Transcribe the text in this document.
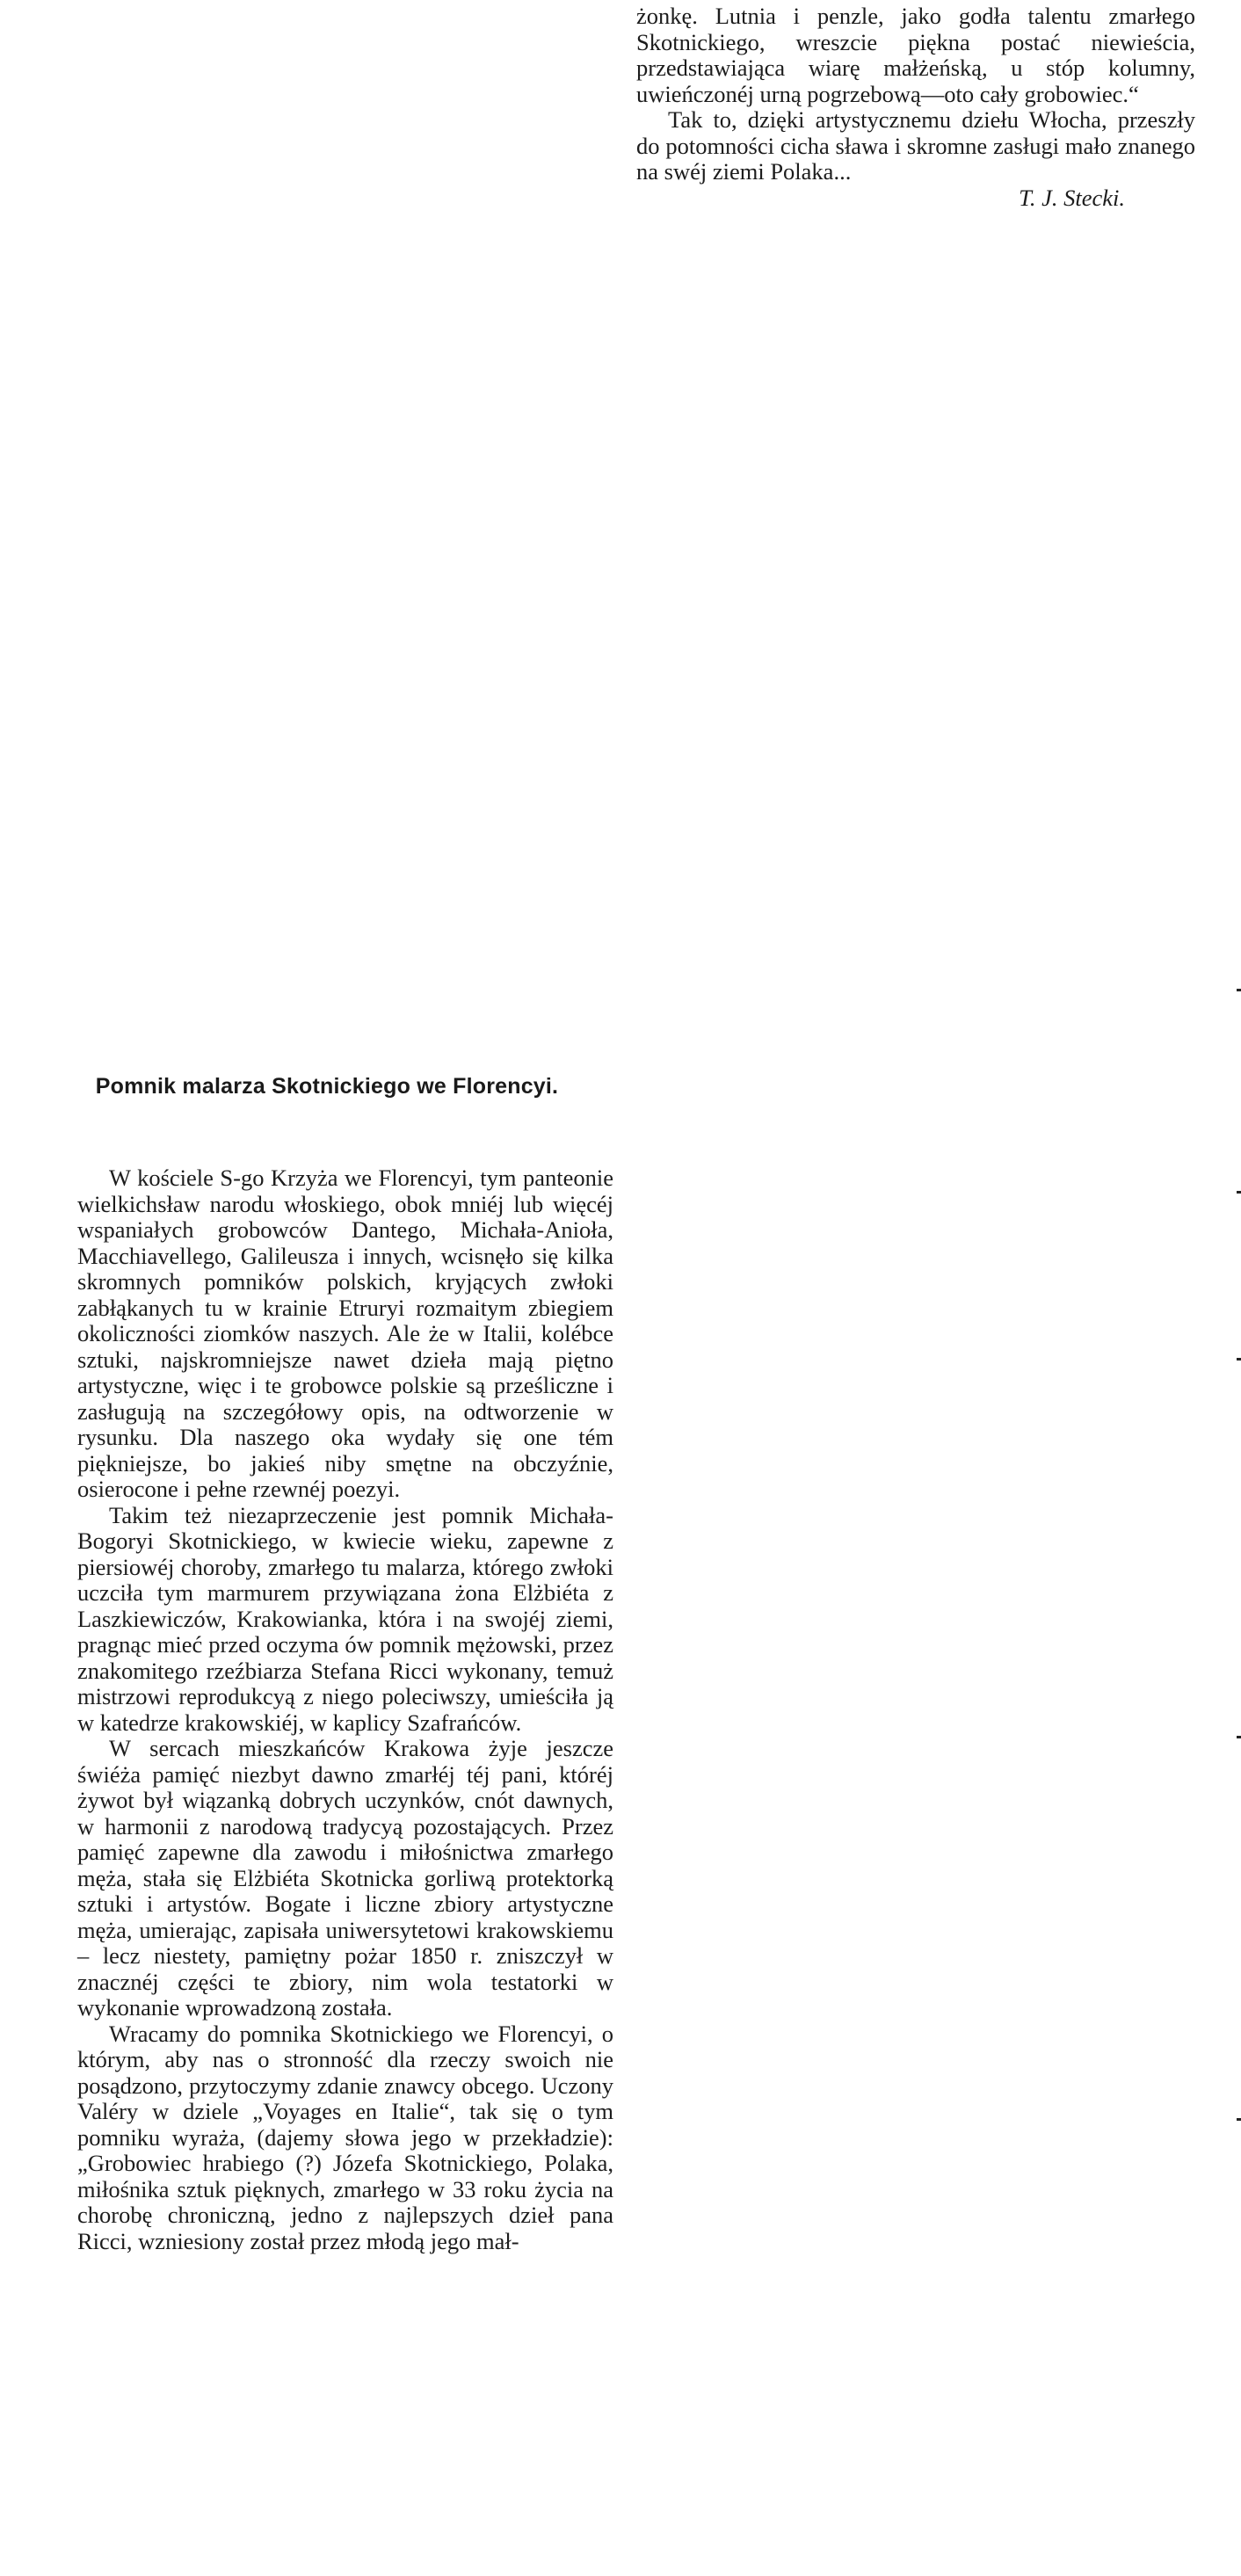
żonkę. Lutnia i penzle, jako godła talentu zmarłego Skotnickiego, wreszcie piękna postać niewieścia, przedstawiająca wiarę małżeńską, u stóp kolumny, uwieńczonéj urną pogrzebową—oto cały grobowiec.“

Tak to, dzięki artystycznemu dziełu Włocha, przeszły do potomności cicha sława i skromne zasługi mało znanego na swéj ziemi Polaka...

T. J. Stecki.

Pomnik malarza Skotnickiego we Florencyi.

W kościele S-go Krzyża we Florencyi, tym panteonie wielkichsław narodu włoskiego, obok mniéj lub więcéj wspaniałych grobowców Dantego, Michała-Anioła, Macchiavellego, Galileusza i innych, wcisnęło się kilka skromnych pomników polskich, kryjących zwłoki zabłąkanych tu w krainie Etruryi rozmaitym zbiegiem okoliczności ziomków naszych. Ale że w Italii, kolébce sztuki, najskromniejsze nawet dzieła mają piętno artystyczne, więc i te grobowce polskie są prześliczne i zasługują na szczegółowy opis, na odtworzenie w rysunku. Dla naszego oka wydały się one tém piękniejsze, bo jakieś niby smętne na obczyźnie, osierocone i pełne rzewnéj poezyi.

Takim też niezaprzeczenie jest pomnik Michała-Bogoryi Skotnickiego, w kwiecie wieku, zapewne z piersiowéj choroby, zmarłego tu malarza, którego zwłoki uczciła tym marmurem przywiązana żona Elżbiéta z Laszkiewiczów, Krakowianka, która i na swojéj ziemi, pragnąc mieć przed oczyma ów pomnik mężowski, przez znakomitego rzeźbiarza Stefana Ricci wykonany, temuż mistrzowi reprodukcyą z niego poleciwszy, umieściła ją w katedrze krakowskiéj, w kaplicy Szafrańców.

W sercach mieszkańców Krakowa żyje jeszcze świéża pamięć niezbyt dawno zmarłéj téj pani, któréj żywot był wiązanką dobrych uczynków, cnót dawnych, w harmonii z narodową tradycyą pozostających. Przez pamięć zapewne dla zawodu i miłośnictwa zmarłego męża, stała się Elżbiéta Skotnicka gorliwą protektorką sztuki i artystów. Bogate i liczne zbiory artystyczne męża, umierając, zapisała uniwersytetowi krakowskiemu – lecz niestety, pamiętny pożar 1850 r. zniszczył w znacznéj części te zbiory, nim wola testatorki w wykonanie wprowadzoną została.

Wracamy do pomnika Skotnickiego we Florencyi, o którym, aby nas o stronność dla rzeczy swoich nie posądzono, przytoczymy zdanie znawcy obcego. Uczony Valéry w dziele „Voyages en Italie“, tak się o tym pomniku wyraża, (dajemy słowa jego w przekładzie): „Grobowiec hrabiego (?) Józefa Skotnickiego, Polaka, miłośnika sztuk pięknych, zmarłego w 33 roku życia na chorobę chroniczną, jedno z najlepszych dzieł pana Ricci, wzniesiony został przez młodą jego mał-
